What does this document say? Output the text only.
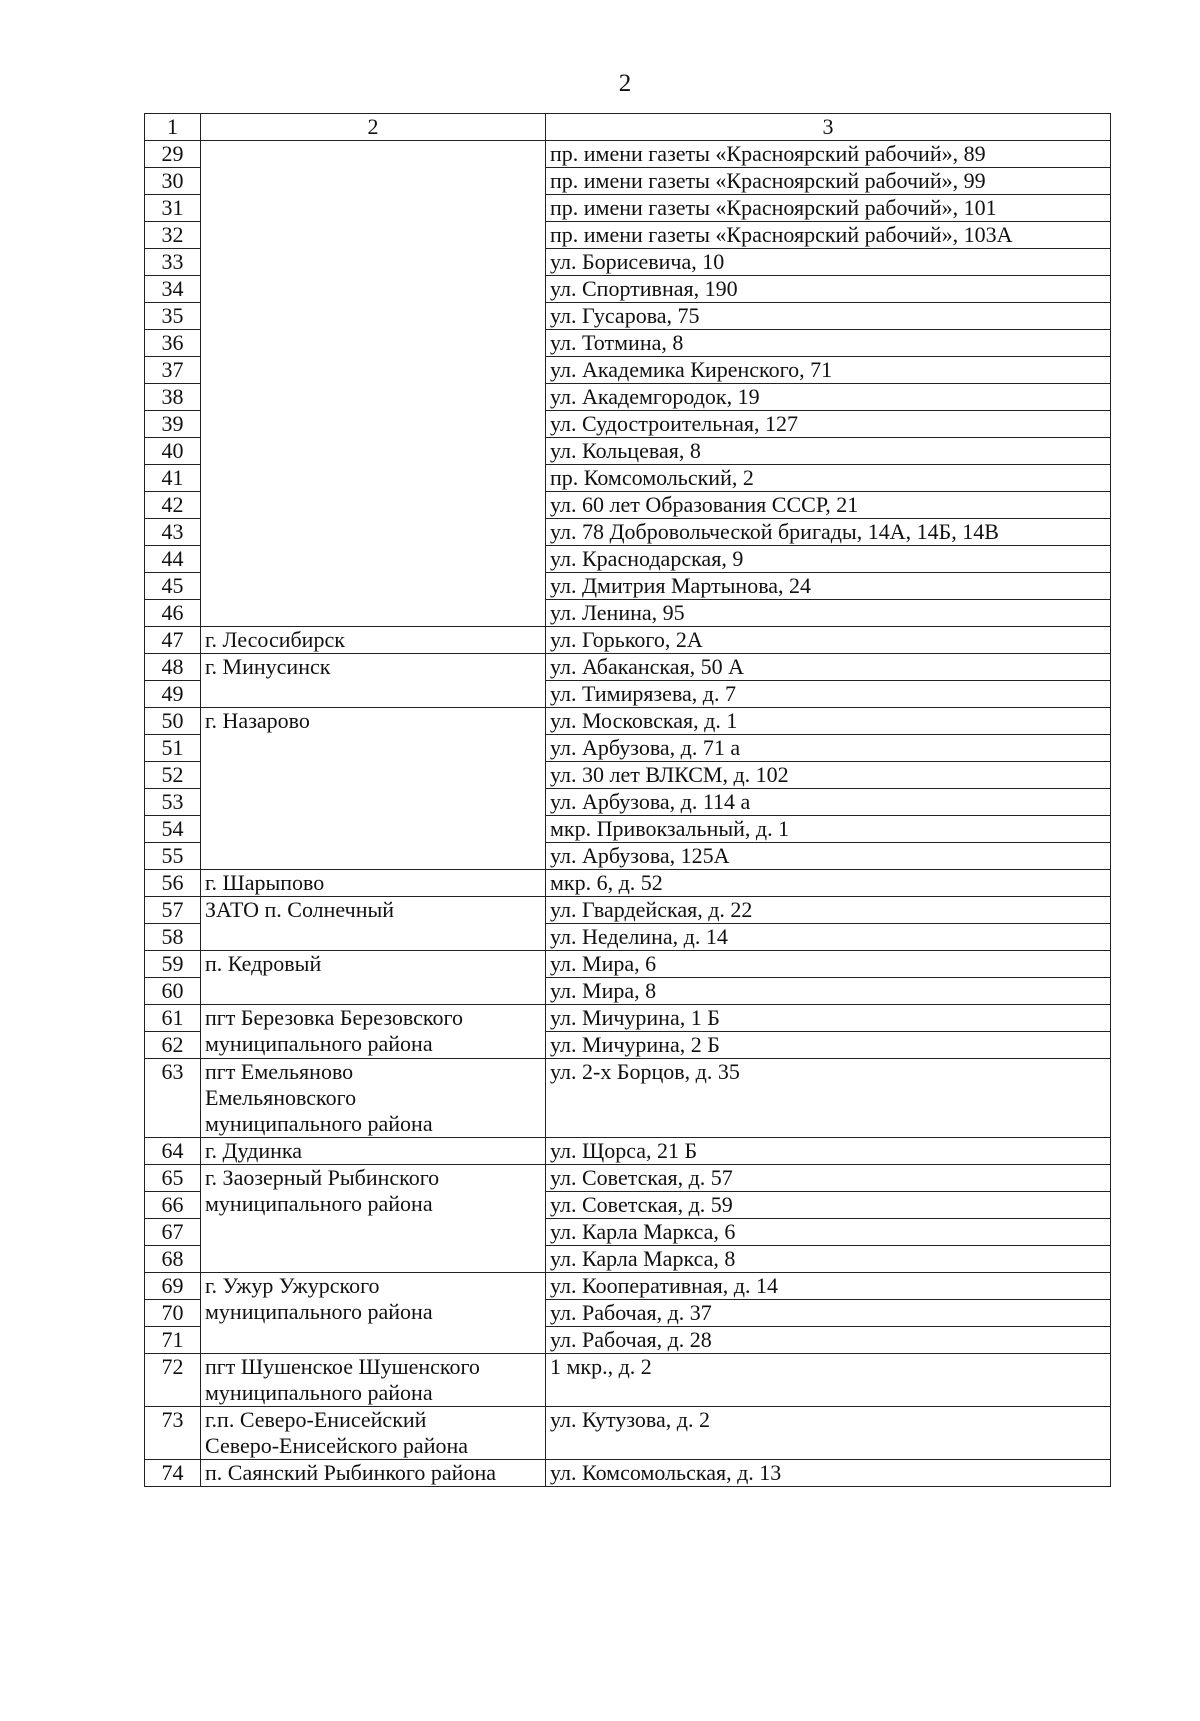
2
1	2	3
29		пр. имени газеты «Красноярский рабочий», 89
30		пр. имени газеты «Красноярский рабочий», 99
31		пр. имени газеты «Красноярский рабочий», 101
32		пр. имени газеты «Красноярский рабочий», 103А
33		ул. Борисевича, 10
34		ул. Спортивная, 190
35		ул. Гусарова, 75
36		ул. Тотмина, 8
37		ул. Академика Киренского, 71
38		ул. Академгородок, 19
39		ул. Судостроительная, 127
40		ул. Кольцевая, 8
41		пр. Комсомольский, 2
42		ул. 60 лет Образования СССР, 21
43		ул. 78 Добровольческой бригады, 14А, 14Б, 14В
44		ул. Краснодарская, 9
45		ул. Дмитрия Мартынова, 24
46		ул. Ленина, 95
47	г. Лесосибирск	ул. Горького, 2А
48	г. Минусинск	ул. Абаканская, 50 А
49		ул. Тимирязева, д. 7
50	г. Назарово	ул. Московская, д. 1
51		ул. Арбузова, д. 71 а
52		ул. 30 лет ВЛКСМ, д. 102
53		ул. Арбузова, д. 114 а
54		мкр. Привокзальный, д. 1
55		ул. Арбузова, 125А
56	г. Шарыпово	мкр. 6, д. 52
57	ЗАТО п. Солнечный	ул. Гвардейская, д. 22
58		ул. Неделина, д. 14
59	п. Кедровый	ул. Мира, 6
60		ул. Мира, 8
61	пгт Березовка Березовского
муниципального района	ул. Мичурина, 1 Б
62		ул. Мичурина, 2 Б
63	пгт Емельяново
Емельяновского
муниципального района	ул. 2-х Борцов, д. 35
64	г. Дудинка	ул. Щорса, 21 Б
65	г. Заозерный Рыбинского
муниципального района	ул. Советская, д. 57
66		ул. Советская, д. 59
67		ул. Карла Маркса, 6
68		ул. Карла Маркса, 8
69	г. Ужур Ужурского
муниципального района	ул. Кооперативная, д. 14
70		ул. Рабочая, д. 37
71		ул. Рабочая, д. 28
72	пгт Шушенское Шушенского
муниципального района	1 мкр., д. 2
73	г.п. Северо-Енисейский
Северо-Енисейского района	ул. Кутузова, д. 2
74	п. Саянский Рыбинкого района	ул. Комсомольская, д. 13
